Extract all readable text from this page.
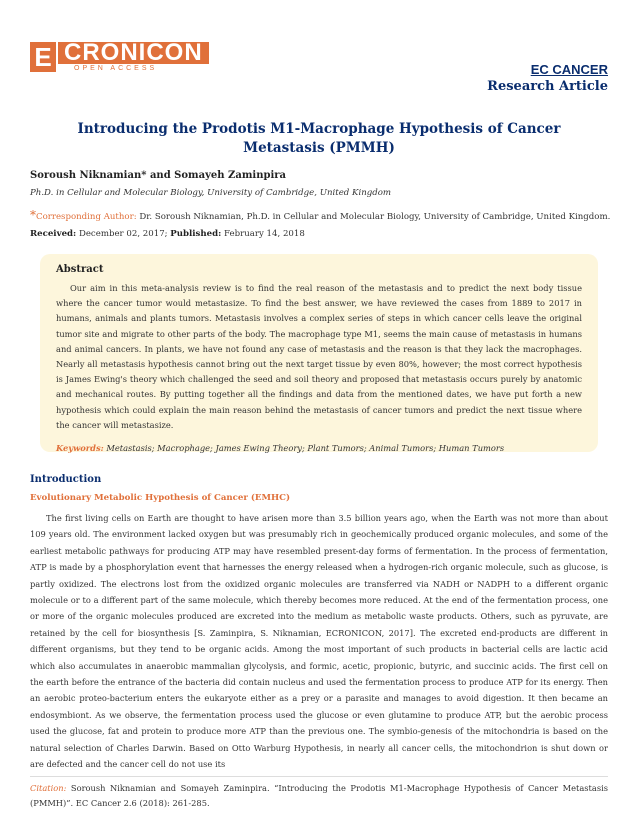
E CRONICON
OPEN ACCESS	EC CANCER
Research Article
Introducing the Prodotis M1-Macrophage Hypothesis of Cancer Metastasis (PMMH)
Soroush Niknamian* and Somayeh Zaminpira
Ph.D. in Cellular and Molecular Biology, University of Cambridge, United Kingdom
*Corresponding Author: Dr. Soroush Niknamian, Ph.D. in Cellular and Molecular Biology, University of Cambridge, United Kingdom.
Received: December 02, 2017; Published: February 14, 2018
Abstract
Our aim in this meta-analysis review is to find the real reason of the metastasis and to predict the next body tissue where the cancer tumor would metastasize. To find the best answer, we have reviewed the cases from 1889 to 2017 in humans, animals and plants tumors. Metastasis involves a complex series of steps in which cancer cells leave the original tumor site and migrate to other parts of the body. The macrophage type M1, seems the main cause of metastasis in humans and animal cancers. In plants, we have not found any case of metastasis and the reason is that they lack the macrophages. Nearly all metastasis hypothesis cannot bring out the next target tissue by even 80%, however; the most correct hypothesis is James Ewing's theory which challenged the seed and soil theory and proposed that metastasis occurs purely by anatomic and mechanical routes. By putting together all the findings and data from the mentioned dates, we have put forth a new hypothesis which could explain the main reason behind the metastasis of cancer tumors and predict the next tissue where the cancer will metastasize.
Keywords: Metastasis; Macrophage; James Ewing Theory; Plant Tumors; Animal Tumors; Human Tumors
Introduction
Evolutionary Metabolic Hypothesis of Cancer (EMHC)
The first living cells on Earth are thought to have arisen more than 3.5 billion years ago, when the Earth was not more than about 109 years old. The environment lacked oxygen but was presumably rich in geochemically produced organic molecules, and some of the earliest metabolic pathways for producing ATP may have resembled present-day forms of fermentation. In the process of fermentation, ATP is made by a phosphorylation event that harnesses the energy released when a hydrogen-rich organic molecule, such as glucose, is partly oxidized. The electrons lost from the oxidized organic molecules are transferred via NADH or NADPH to a different organic molecule or to a different part of the same molecule, which thereby becomes more reduced. At the end of the fermentation process, one or more of the organic molecules produced are excreted into the medium as metabolic waste products. Others, such as pyruvate, are retained by the cell for biosynthesis [S. Zaminpira, S. Niknamian, ECRONICON, 2017]. The excreted end-products are different in different organisms, but they tend to be organic acids. Among the most important of such products in bacterial cells are lactic acid which also accumulates in anaerobic mammalian glycolysis, and formic, acetic, propionic, butyric, and succinic acids. The first cell on the earth before the entrance of the bacteria did contain nucleus and used the fermentation process to produce ATP for its energy. Then an aerobic proteo-bacterium enters the eukaryote either as a prey or a parasite and manages to avoid digestion. It then became an endosymbiont. As we observe, the fermentation process used the glucose or even glutamine to produce ATP, but the aerobic process used the glucose, fat and protein to produce more ATP than the previous one. The symbio-genesis of the mitochondria is based on the natural selection of Charles Darwin. Based on Otto Warburg Hypothesis, in nearly all cancer cells, the mitochondrion is shut down or are defected and the cancer cell do not use its
Citation: Soroush Niknamian and Somayeh Zaminpira. “Introducing the Prodotis M1-Macrophage Hypothesis of Cancer Metastasis (PMMH)”. EC Cancer 2.6 (2018): 261-285.
